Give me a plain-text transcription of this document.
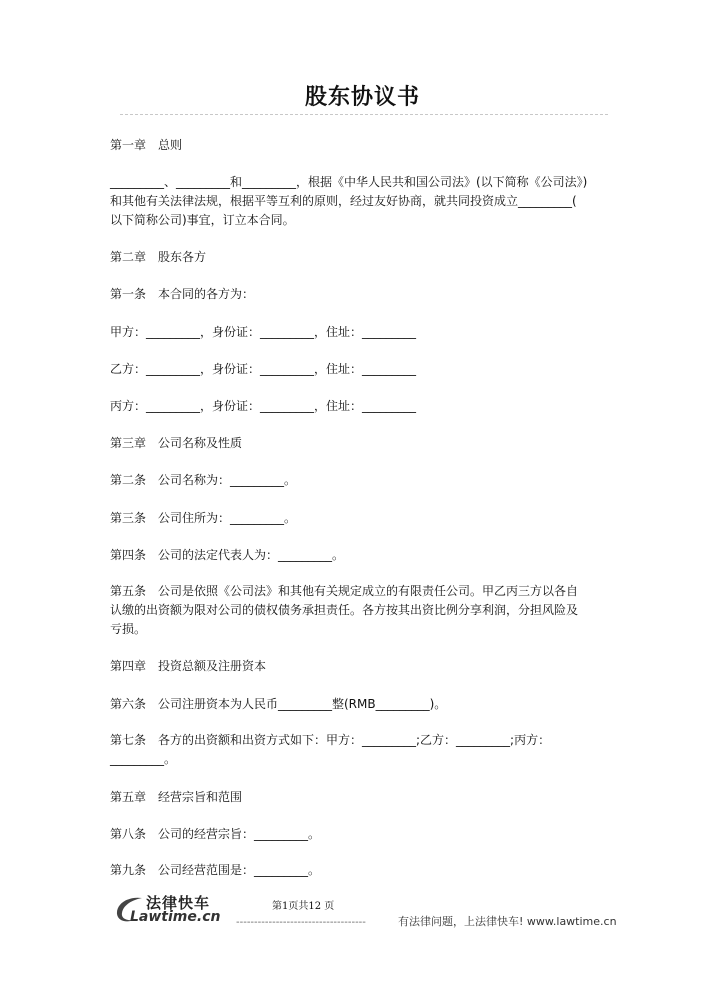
股东协议书
第一章　总则
_________、_________和_________，根据《中华人民共和国公司法》(以下简称《公司法》)
和其他有关法律法规，根据平等互利的原则，经过友好协商，就共同投资成立_________(
以下简称公司)事宜，订立本合同。
第二章　股东各方
第一条　本合同的各方为：
甲方：_________，身份证：_________，住址：_________
乙方：_________，身份证：_________，住址：_________
丙方：_________，身份证：_________，住址：_________
第三章　公司名称及性质
第二条　公司名称为：_________。
第三条　公司住所为：_________。
第四条　公司的法定代表人为：_________。
第五条　公司是依照《公司法》和其他有关规定成立的有限责任公司。甲乙丙三方以各自
认缴的出资额为限对公司的债权债务承担责任。各方按其出资比例分享利润，分担风险及
亏损。
第四章　投资总额及注册资本
第六条　公司注册资本为人民币_________整(RMB_________)。
第七条　各方的出资额和出资方式如下：甲方：_________;乙方：_________;丙方：
_________。
第五章　经营宗旨和范围
第八条　公司的经营宗旨：_________。
第九条　公司经营范围是：_________。
法律快车
Lawtime.cn
第1页共12 页
------------------------------------	有法律问题，上法律快车! www.lawtime.cn
